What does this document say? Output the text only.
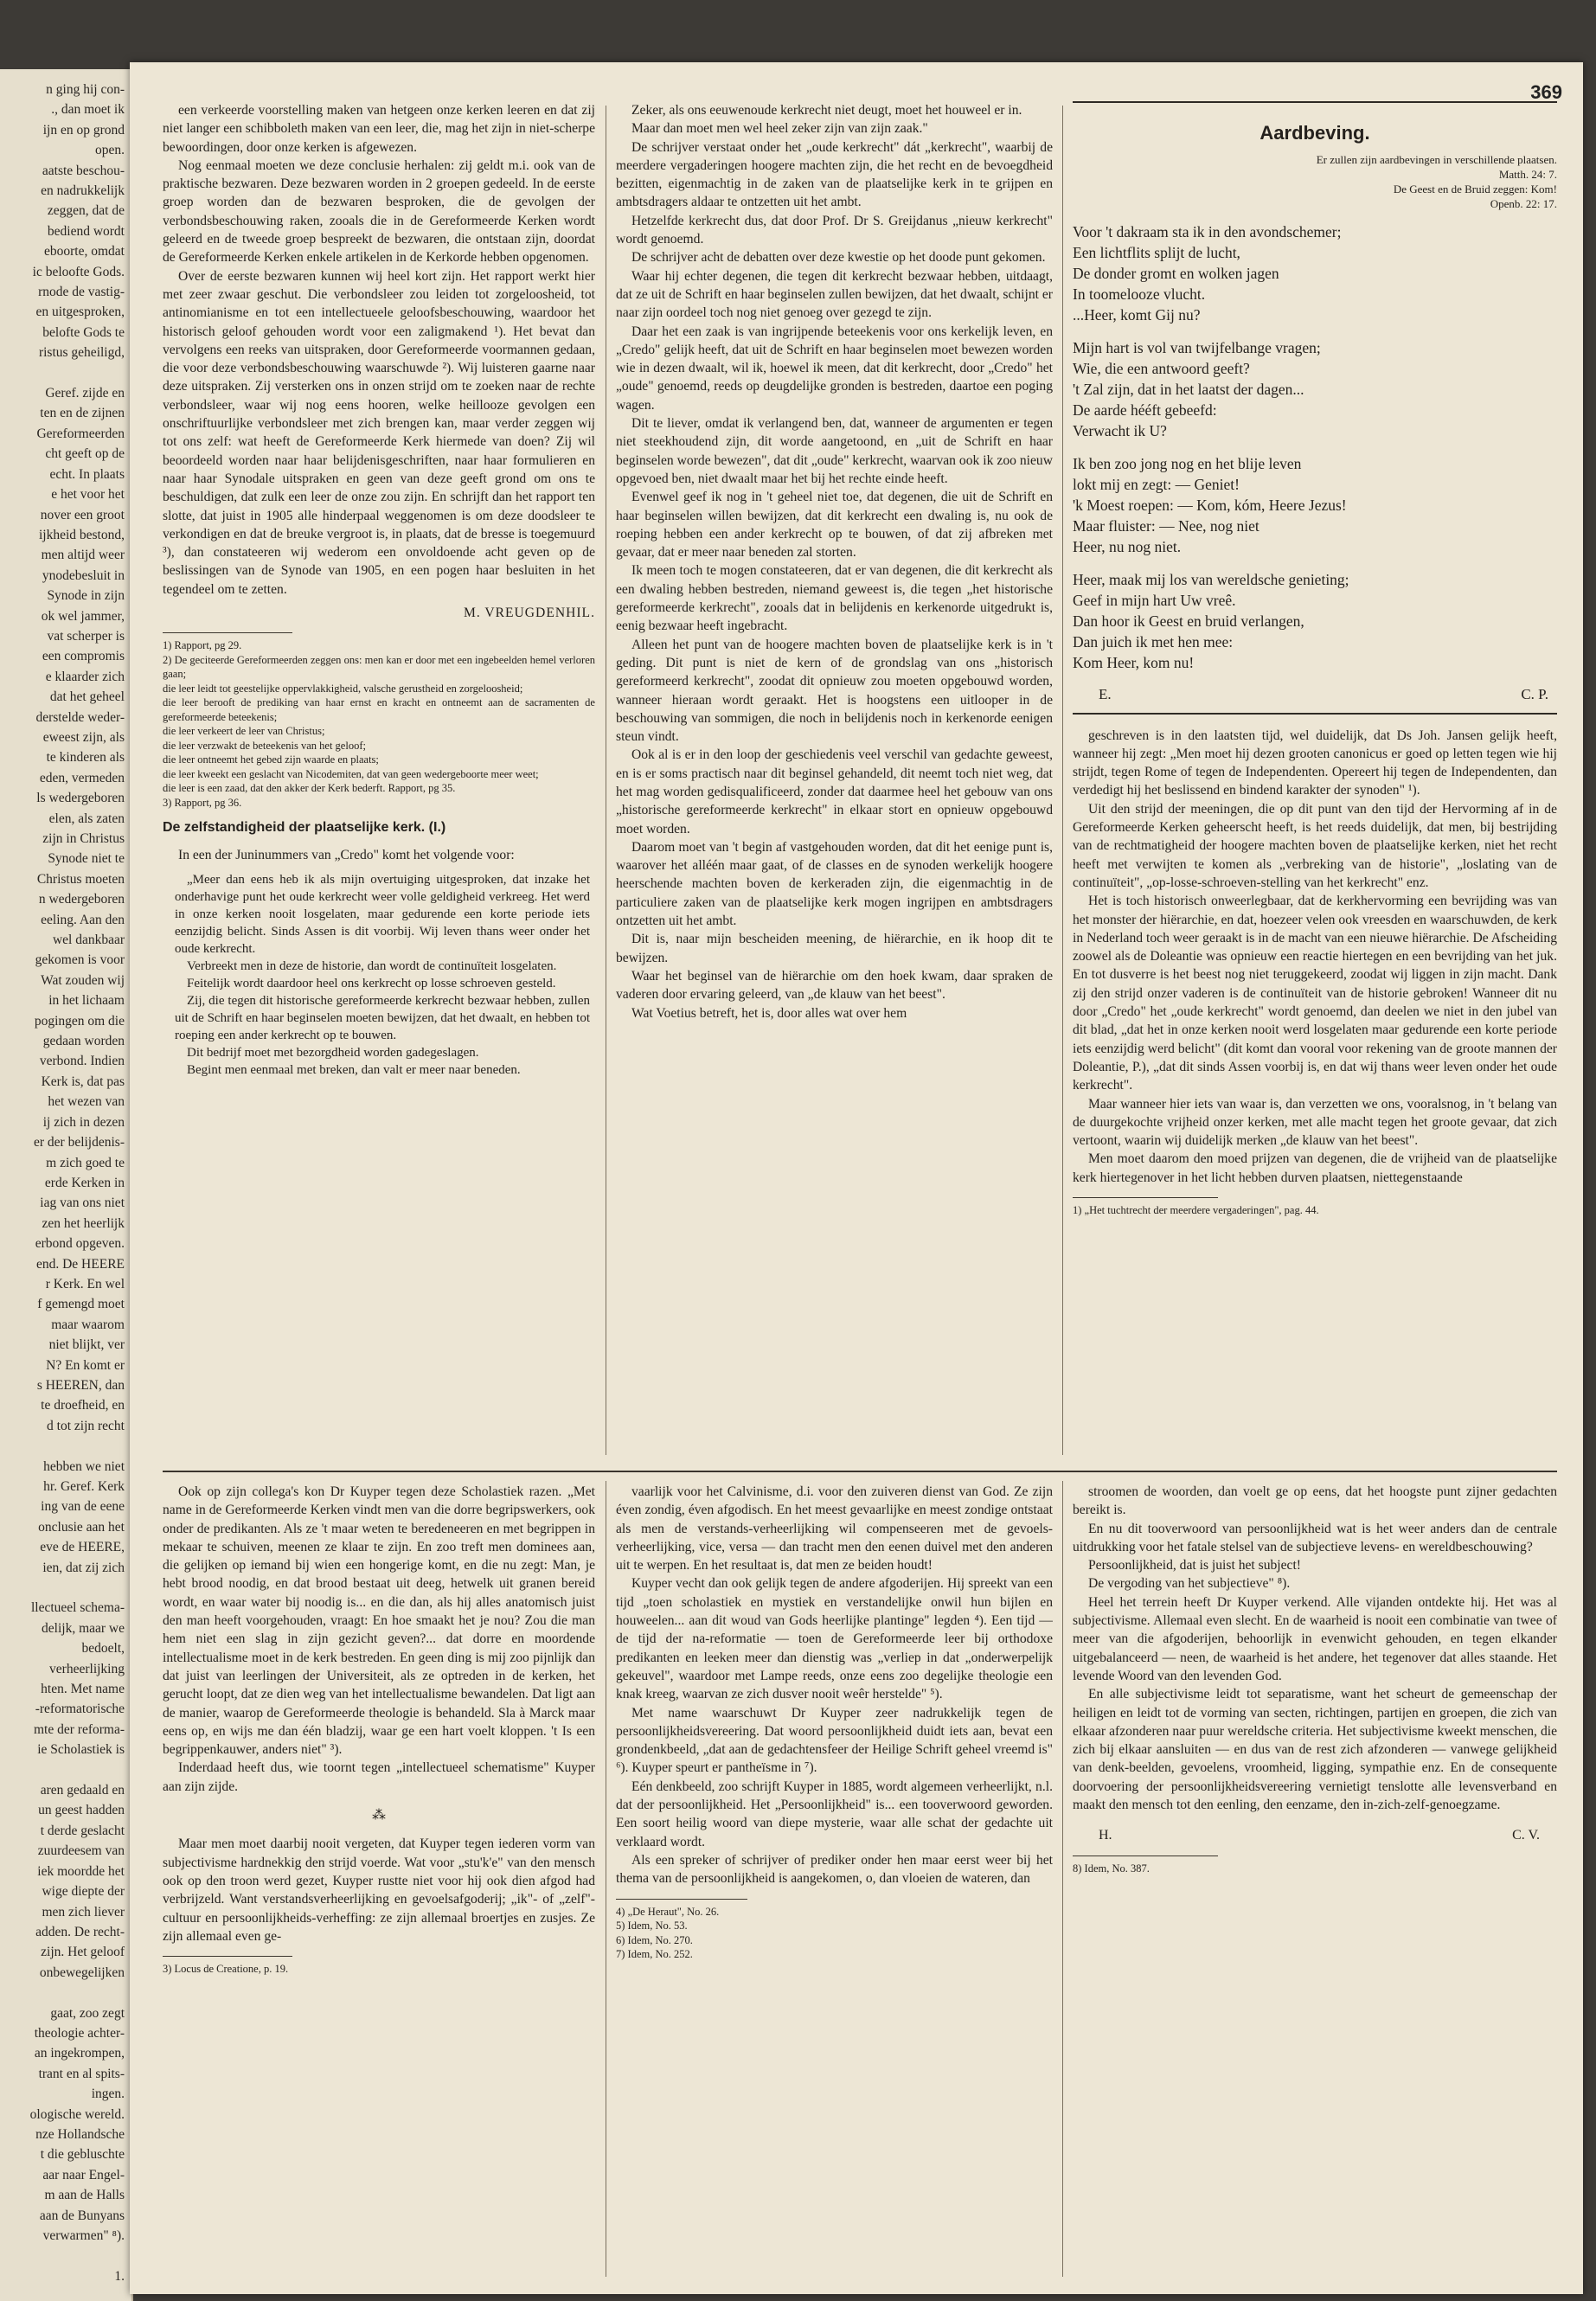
n ging hij con-
., dan moet ik
ijn en op grond
open.
aatste beschou-
en nadrukkelijk
zeggen, dat de
bediend wordt
eboorte, omdat
ic beloofte Gods.
rnode de vastig-
en uitgesproken,
belofte Gods te
ristus geheiligd,
Geref. zijde en
ten en de zijnen
Gereformeerden
cht geeft op de
echt. In plaats
e het voor het
nover een groot
ijkheid bestond,
men altijd weer
ynodebesluit in
Synode in zijn
ok wel jammer,
vat scherper is
een compromis
e klaarder zich
dat het geheel
derstelde weder-
eweest zijn, als
te kinderen als
eden, vermeden
ls wedergeboren
elen, als zaten
zijn in Christus
Synode niet te
Christus moeten
n wedergeboren
eeling. Aan den
wel dankbaar
gekomen is voor
Wat zouden wij
in het lichaam
pogingen om die
gedaan worden
verbond. Indien
Kerk is, dat pas
het wezen van
ij zich in dezen
er der belijdenis-
m zich goed te
erde Kerken in
iag van ons niet
zen het heerlijk
erbond opgeven.
end. De HEERE
r Kerk. En wel
f gemengd moet
maar waarom
niet blijkt, ver
N? En komt er
s HEEREN, dan
te droefheid, en
d tot zijn recht
hebben we niet
hr. Geref. Kerk
ing van de eene
onclusie aan het
eve de HEERE,
ien, dat zij zich
llectueel schema-
delijk, maar we
bedoelt,
verheerlijking
hten. Met name
-reformatorische
mte der reforma-
ie Scholastiek is
aren gedaald en
un geest hadden
t derde geslacht
zuurdeesem van
iek moordde het
wige diepte der
men zich liever
adden. De recht-
zijn. Het geloof
onbewegelijken
gaat, zoo zegt
theologie achter-
an ingekrompen,
trant en al spits-
ingen.
ologische wereld.
nze Hollandsche
t die gebluschte
aar naar Engel-
m aan de Halls
aan de Bunyans
verwarmen" ⁸).
1.
369

een verkeerde voorstelling maken van hetgeen onze kerken leeren en dat zij niet langer een schibboleth maken van een leer, die, mag het zijn in niet-scherpe bewoordingen, door onze kerken is afgewezen.

Nog eenmaal moeten we deze conclusie herhalen: zij geldt m.i. ook van de praktische bezwaren. Deze bezwaren worden in 2 groepen gedeeld. In de eerste groep worden dan de bezwaren besproken, die de gevolgen der verbondsbeschouwing raken, zooals die in de Gereformeerde Kerken wordt geleerd en de tweede groep bespreekt de bezwaren, die ontstaan zijn, doordat de Gereformeerde Kerken enkele artikelen in de Kerkorde hebben opgenomen.

Over de eerste bezwaren kunnen wij heel kort zijn. Het rapport werkt hier met zeer zwaar geschut. Die verbondsleer zou leiden tot zorgeloosheid, tot antinomianisme en tot een intellectueele geloofsbeschouwing, waardoor het historisch geloof gehouden wordt voor een zaligmakend ¹). Het bevat dan vervolgens een reeks van uitspraken, door Gereformeerde voormannen gedaan, die voor deze verbondsbeschouwing waarschuwde ²). Wij luisteren gaarne naar deze uitspraken. Zij versterken ons in onzen strijd om te zoeken naar de rechte verbondsleer, waar wij nog eens hooren, welke heillooze gevolgen een onschriftuurlijke verbondsleer met zich brengen kan, maar verder zeggen wij tot ons zelf: wat heeft de Gereformeerde Kerk hiermede van doen? Zij wil beoordeeld worden naar haar belijdenisgeschriften, naar haar formulieren en naar haar Synodale uitspraken en geen van deze geeft grond om ons te beschuldigen, dat zulk een leer de onze zou zijn. En schrijft dan het rapport ten slotte, dat juist in 1905 alle hinderpaal weggenomen is om deze doodsleer te verkondigen en dat de breuke vergroot is, in plaats, dat de bresse is toegemuurd ³), dan constateeren wij wederom een onvoldoende acht geven op de beslissingen van de Synode van 1905, en een pogen haar besluiten in het tegendeel om te zetten.

M. VREUGDENHIL.

1) Rapport, pg 29.

2) De geciteerde Gereformeerden zeggen ons: men kan er door met een ingebeelden hemel verloren gaan;

die leer leidt tot geestelijke oppervlakkigheid, valsche gerustheid en zorgeloosheid;

die leer berooft de prediking van haar ernst en kracht en ontneemt aan de sacramenten de gereformeerde beteekenis;

die leer verkeert de leer van Christus;

die leer verzwakt de beteekenis van het geloof;

die leer ontneemt het gebed zijn waarde en plaats;

die leer kweekt een geslacht van Nicodemiten, dat van geen wedergeboorte meer weet;

die leer is een zaad, dat den akker der Kerk bederft. Rapport, pg 35.

3) Rapport, pg 36.

De zelfstandigheid der plaatselijke kerk. (I.)

In een der Juninummers van „Credo" komt het volgende voor:

„Meer dan eens heb ik als mijn overtuiging uitgesproken, dat inzake het onderhavige punt het oude kerkrecht weer volle geldigheid verkreeg. Het werd in onze kerken nooit losgelaten, maar gedurende een korte periode iets eenzijdig belicht. Sinds Assen is dit voorbij. Wij leven thans weer onder het oude kerkrecht.

Verbreekt men in deze de historie, dan wordt de continuïteit losgelaten.

Feitelijk wordt daardoor heel ons kerkrecht op losse schroeven gesteld.

Zij, die tegen dit historische gereformeerde kerkrecht bezwaar hebben, zullen uit de Schrift en haar beginselen moeten bewijzen, dat het dwaalt, en hebben tot roeping een ander kerkrecht op te bouwen.

Dit bedrijf moet met bezorgdheid worden gadegeslagen.

Begint men eenmaal met breken, dan valt er meer naar beneden.

Zeker, als ons eeuwenoude kerkrecht niet deugt, moet het houweel er in.

Maar dan moet men wel heel zeker zijn van zijn zaak."

De schrijver verstaat onder het „oude kerkrecht" dát „kerkrecht", waarbij de meerdere vergaderingen hoogere machten zijn, die het recht en de bevoegdheid bezitten, eigenmachtig in de zaken van de plaatselijke kerk in te grijpen en ambtsdragers aldaar te ontzetten uit het ambt.

Hetzelfde kerkrecht dus, dat door Prof. Dr S. Greijdanus „nieuw kerkrecht" wordt genoemd.

De schrijver acht de debatten over deze kwestie op het doode punt gekomen.

Waar hij echter degenen, die tegen dit kerkrecht bezwaar hebben, uitdaagt, dat ze uit de Schrift en haar beginselen zullen bewijzen, dat het dwaalt, schijnt er naar zijn oordeel toch nog niet genoeg over gezegd te zijn.

Daar het een zaak is van ingrijpende beteekenis voor ons kerkelijk leven, en „Credo" gelijk heeft, dat uit de Schrift en haar beginselen moet bewezen worden wie in dezen dwaalt, wil ik, hoewel ik meen, dat dit kerkrecht, door „Credo" het „oude" genoemd, reeds op deugdelijke gronden is bestreden, daartoe een poging wagen.

Dit te liever, omdat ik verlangend ben, dat, wanneer de argumenten er tegen niet steekhoudend zijn, dit worde aangetoond, en „uit de Schrift en haar beginselen worde bewezen", dat dit „oude" kerkrecht, waarvan ook ik zoo nieuw opgevoed ben, niet dwaalt maar het bij het rechte einde heeft.

Evenwel geef ik nog in 't geheel niet toe, dat degenen, die uit de Schrift en haar beginselen willen bewijzen, dat dit kerkrecht een dwaling is, nu ook de roeping hebben een ander kerkrecht op te bouwen, of dat zij afbreken met gevaar, dat er meer naar beneden zal storten.

Ik meen toch te mogen constateeren, dat er van degenen, die dit kerkrecht als een dwaling hebben bestreden, niemand geweest is, die tegen „het historische gereformeerde kerkrecht", zooals dat in belijdenis en kerkenorde uitgedrukt is, eenig bezwaar heeft ingebracht.

Alleen het punt van de hoogere machten boven de plaatselijke kerk is in 't geding. Dit punt is niet de kern of de grondslag van ons „historisch gereformeerd kerkrecht", zoodat dit opnieuw zou moeten opgebouwd worden, wanneer hieraan wordt geraakt. Het is hoogstens een uitlooper in de beschouwing van sommigen, die noch in belijdenis noch in kerkenorde eenigen steun vindt.

Ook al is er in den loop der geschiedenis veel verschil van gedachte geweest, en is er soms practisch naar dit beginsel gehandeld, dit neemt toch niet weg, dat het mag worden gedisqualificeerd, zonder dat daarmee heel het gebouw van ons „historische gereformeerde kerkrecht" in elkaar stort en opnieuw opgebouwd moet worden.

Daarom moet van 't begin af vastgehouden worden, dat dit het eenige punt is, waarover het alléén maar gaat, of de classes en de synoden werkelijk hoogere heerschende machten boven de kerkeraden zijn, die eigenmachtig in de particuliere zaken van de plaatselijke kerk mogen ingrijpen en ambtsdragers ontzetten uit het ambt.

Dit is, naar mijn bescheiden meening, de hiërarchie, en ik hoop dit te bewijzen.

Waar het beginsel van de hiërarchie om den hoek kwam, daar spraken de vaderen door ervaring geleerd, van „de klauw van het beest".

Wat Voetius betreft, het is, door alles wat over hem

Aardbeving.

Er zullen zijn aardbevingen in verschillende plaatsen.

Matth. 24: 7.

De Geest en de Bruid zeggen: Kom!

Openb. 22: 17.

Voor 't dakraam sta ik in den avondschemer;
Een lichtflits splijt de lucht,
De donder gromt en wolken jagen
In toomelooze vlucht.
...Heer, komt Gij nu?
Mijn hart is vol van twijfelbange vragen;
Wie, die een antwoord geeft?
't Zal zijn, dat in het laatst der dagen...
De aarde hééft gebeefd:
Verwacht ik U?
Ik ben zoo jong nog en het blije leven
lokt mij en zegt: — Geniet!
'k Moest roepen: — Kom, kóm, Heere Jezus!
Maar fluister: — Nee, nog niet
Heer, nu nog niet.
Heer, maak mij los van wereldsche genieting;
Geef in mijn hart Uw vreê.
Dan hoor ik Geest en bruid verlangen,
Dan juich ik met hen mee:
Kom Heer, kom nu!
E.	C. P.

geschreven is in den laatsten tijd, wel duidelijk, dat Ds Joh. Jansen gelijk heeft, wanneer hij zegt: „Men moet hij dezen grooten canonicus er goed op letten tegen wie hij strijdt, tegen Rome of tegen de Independenten. Opereert hij tegen de Independenten, dan verdedigt hij het beslissend en bindend karakter der synoden" ¹).

Uit den strijd der meeningen, die op dit punt van den tijd der Hervorming af in de Gereformeerde Kerken geheerscht heeft, is het reeds duidelijk, dat men, bij bestrijding van de rechtmatigheid der hoogere machten boven de plaatselijke kerken, niet het recht heeft met verwijten te komen als „verbreking van de historie", „loslating van de continuïteit", „op-losse-schroeven-stelling van het kerkrecht" enz.

Het is toch historisch onweerlegbaar, dat de kerkhervorming een bevrijding was van het monster der hiërarchie, en dat, hoezeer velen ook vreesden en waarschuwden, de kerk in Nederland toch weer geraakt is in de macht van een nieuwe hiërarchie. De Afscheiding zoowel als de Doleantie was opnieuw een reactie hiertegen en een bevrijding van het juk. En tot dusverre is het beest nog niet teruggekeerd, zoodat wij liggen in zijn macht. Dank zij den strijd onzer vaderen is de continuïteit van de historie gebroken! Wanneer dit nu door „Credo" het „oude kerkrecht" wordt genoemd, dan deelen we niet in den jubel van dit blad, „dat het in onze kerken nooit werd losgelaten maar gedurende een korte periode iets eenzijdig werd belicht" (dit komt dan vooral voor rekening van de groote mannen der Doleantie, P.), „dat dit sinds Assen voorbij is, en dat wij thans weer leven onder het oude kerkrecht".

Maar wanneer hier iets van waar is, dan verzetten we ons, vooralsnog, in 't belang van de duurgekochte vrijheid onzer kerken, met alle macht tegen het groote gevaar, dat zich vertoont, waarin wij duidelijk merken „de klauw van het beest".

Men moet daarom den moed prijzen van degenen, die de vrijheid van de plaatselijke kerk hiertegenover in het licht hebben durven plaatsen, niettegenstaande

1) „Het tuchtrecht der meerdere vergaderingen", pag. 44.

Ook op zijn collega's kon Dr Kuyper tegen deze Scholastiek razen. „Met name in de Gereformeerde Kerken vindt men van die dorre begripswerkers, ook onder de predikanten. Als ze 't maar weten te beredeneeren en met begrippen in mekaar te schuiven, meenen ze klaar te zijn. En zoo treft men dominees aan, die gelijken op iemand bij wien een hongerige komt, en die nu zegt: Man, je hebt brood noodig, en dat brood bestaat uit deeg, hetwelk uit granen bereid wordt, en waar water bij noodig is... en die dan, als hij alles anatomisch juist den man heeft voorgehouden, vraagt: En hoe smaakt het je nou? Zou die man hem niet een slag in zijn gezicht geven?... dat dorre en moordende intellectualisme moet in de kerk bestreden. En geen ding is mij zoo pijnlijk dan dat juist van leerlingen der Universiteit, als ze optreden in de kerken, het gerucht loopt, dat ze dien weg van het intellectualisme bewandelen. Dat ligt aan de manier, waarop de Gereformeerde theologie is behandeld. Sla à Marck maar eens op, en wijs me dan één bladzij, waar ge een hart voelt kloppen. 't Is een begrippenkauwer, anders niet" ³).

Inderdaad heeft dus, wie toornt tegen „intellectueel schematisme" Kuyper aan zijn zijde.

⁂

Maar men moet daarbij nooit vergeten, dat Kuyper tegen iederen vorm van subjectivisme hardnekkig den strijd voerde. Wat voor „stu'k'e" van den mensch ook op den troon werd gezet, Kuyper rustte niet voor hij ook dien afgod had verbrijzeld. Want verstandsverheerlijking en gevoelsafgoderij; „ik"- of „zelf"-cultuur en persoonlijkheids-verheffing: ze zijn allemaal broertjes en zusjes. Ze zijn allemaal even ge-

3) Locus de Creatione, p. 19.

vaarlijk voor het Calvinisme, d.i. voor den zuiveren dienst van God. Ze zijn éven zondig, éven afgodisch. En het meest gevaarlijke en meest zondige ontstaat als men de verstands-verheerlijking wil compenseeren met de gevoels-verheerlijking, vice, versa — dan tracht men den eenen duivel met den anderen uit te werpen. En het resultaat is, dat men ze beiden houdt!

Kuyper vecht dan ook gelijk tegen de andere afgoderijen. Hij spreekt van een tijd „toen scholastiek en mystiek en verstandelijke onwil hun bijlen en houweelen... aan dit woud van Gods heerlijke plantinge" legden ⁴). Een tijd — de tijd der na-reformatie — toen de Gereformeerde leer bij orthodoxe predikanten en leeken meer dan dienstig was „verliep in dat „onderwerpelijk gekeuvel", waardoor met Lampe reeds, onze eens zoo degelijke theologie een knak kreeg, waarvan ze zich dusver nooit weêr herstelde" ⁵).

Met name waarschuwt Dr Kuyper zeer nadrukkelijk tegen de persoonlijkheidsvereering. Dat woord persoonlijkheid duidt iets aan, bevat een grondenkbeeld, „dat aan de gedachtensfeer der Heilige Schrift geheel vreemd is" ⁶). Kuyper speurt er pantheïsme in ⁷).

Eén denkbeeld, zoo schrijft Kuyper in 1885, wordt algemeen verheerlijkt, n.l. dat der persoonlijkheid. Het „Persoonlijkheid" is... een tooverwoord geworden. Een soort heilig woord van diepe mysterie, waar alle schat der gedachte uit verklaard wordt.

Als een spreker of schrijver of prediker onder hen maar eerst weer bij het thema van de persoonlijkheid is aangekomen, o, dan vloeien de wateren, dan

4) „De Heraut", No. 26.

5) Idem, No. 53.

6) Idem, No. 270.

7) Idem, No. 252.

stroomen de woorden, dan voelt ge op eens, dat het hoogste punt zijner gedachten bereikt is.

En nu dit tooverwoord van persoonlijkheid wat is het weer anders dan de centrale uitdrukking voor het fatale stelsel van de subjectieve levens- en wereldbeschouwing?

Persoonlijkheid, dat is juist het subject!

De vergoding van het subjectieve" ⁸).

Heel het terrein heeft Dr Kuyper verkend. Alle vijanden ontdekte hij. Het was al subjectivisme. Allemaal even slecht. En de waarheid is nooit een combinatie van twee of meer van die afgoderijen, behoorlijk in evenwicht gehouden, en tegen elkander uitgebalanceerd — neen, de waarheid is het andere, het tegenover dat alles staande. Het levende Woord van den levenden God.

En alle subjectivisme leidt tot separatisme, want het scheurt de gemeenschap der heiligen en leidt tot de vorming van secten, richtingen, partijen en groepen, die zich van elkaar afzonderen naar puur wereldsche criteria. Het subjectivisme kweekt menschen, die zich bij elkaar aansluiten — en dus van de rest zich afzonderen — vanwege gelijkheid van denk-beelden, gevoelens, vroomheid, ligging, sympathie enz. En de consequente doorvoering der persoonlijkheidsvereering vernietigt tenslotte alle levensverband en maakt den mensch tot den eenling, den eenzame, den in-zich-zelf-genoegzame.

H.	C. V.

8) Idem, No. 387.
